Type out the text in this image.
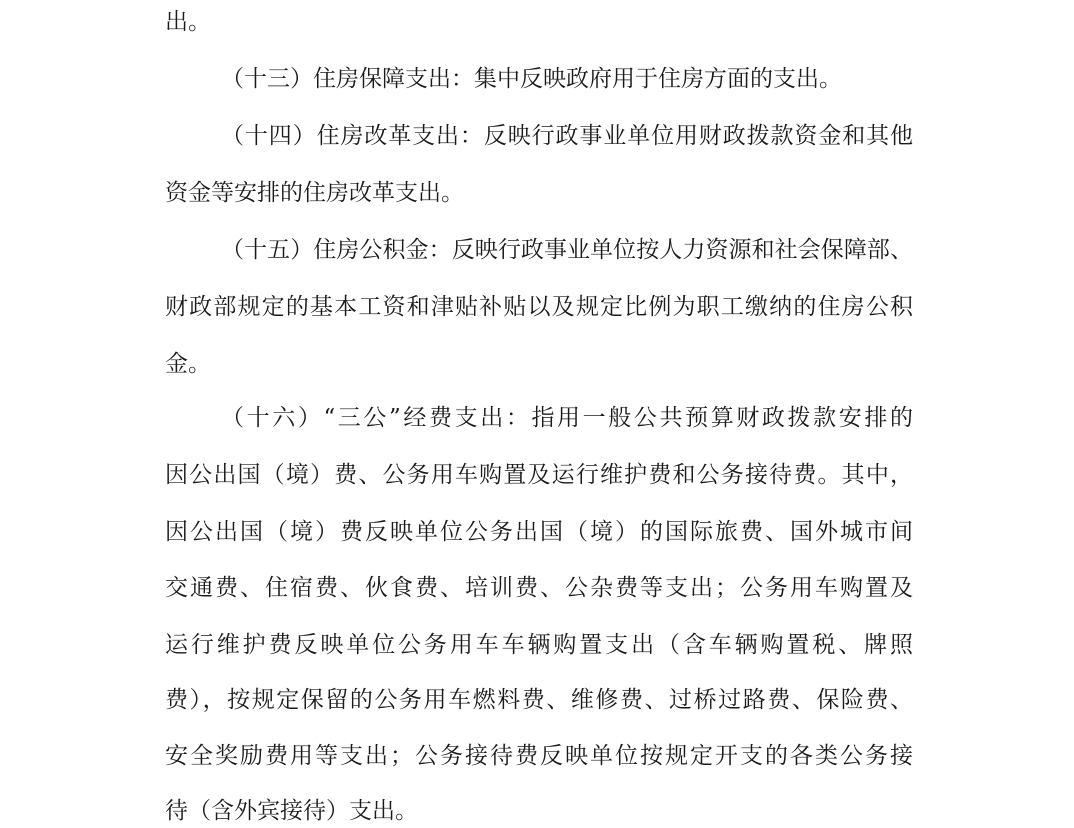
出。
（十三）住房保障支出：集中反映政府用于住房方面的支出。
（十四）住房改革支出：反映行政事业单位用财政拨款资金和其他
资金等安排的住房改革支出。
（十五）住房公积金：反映行政事业单位按人力资源和社会保障部、
财政部规定的基本工资和津贴补贴以及规定比例为职工缴纳的住房公积
金。
（十六）“三公”经费支出：指用一般公共预算财政拨款安排的
因公出国（境）费、公务用车购置及运行维护费和公务接待费。其中，
因公出国（境）费反映单位公务出国（境）的国际旅费、国外城市间
交通费、住宿费、伙食费、培训费、公杂费等支出；公务用车购置及
运行维护费反映单位公务用车车辆购置支出（含车辆购置税、牌照
费），按规定保留的公务用车燃料费、维修费、过桥过路费、保险费、
安全奖励费用等支出；公务接待费反映单位按规定开支的各类公务接
待（含外宾接待）支出。
